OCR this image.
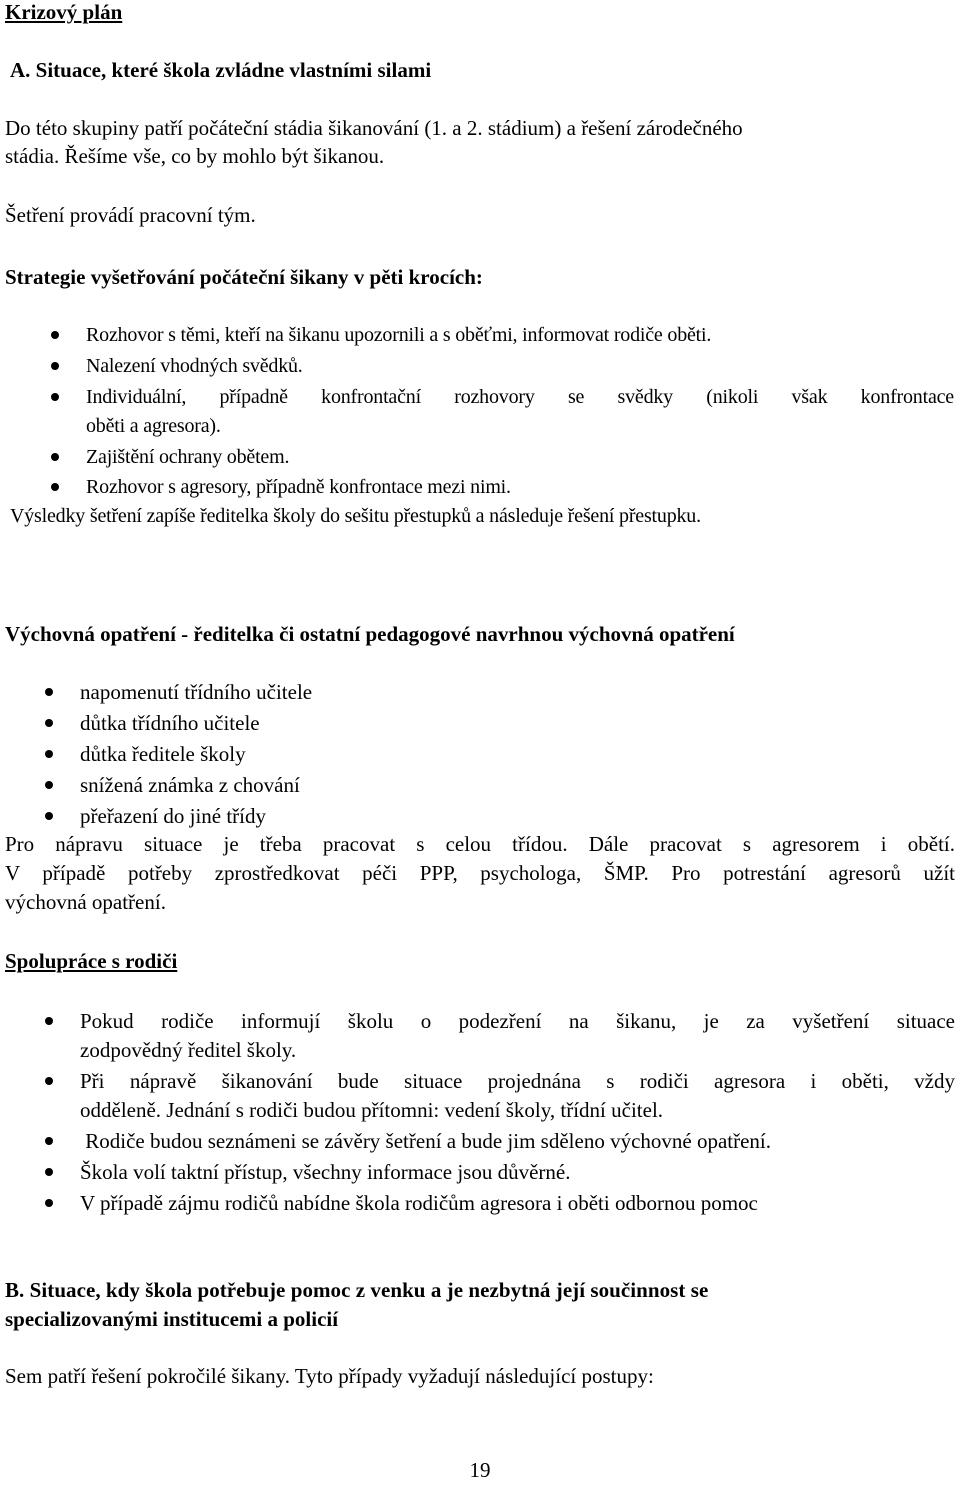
Krizový plán
A. Situace, které škola zvládne vlastními silami
Do této skupiny patří počáteční stádia šikanování (1. a 2. stádium) a řešení zárodečného
stádia. Řešíme vše, co by mohlo být šikanou.
Šetření provádí pracovní tým.
Strategie vyšetřování počáteční šikany v pěti krocích:
Rozhovor s těmi, kteří na šikanu upozornili a s oběťmi, informovat rodiče oběti.
Nalezení vhodných svědků.
Individuální, případně konfrontační rozhovory se svědky (nikoli však konfrontace
oběti a agresora).
Zajištění ochrany obětem.
Rozhovor s agresory, případně konfrontace mezi nimi.
Výsledky šetření zapíše ředitelka školy do sešitu přestupků a následuje řešení přestupku.
Výchovná opatření - ředitelka či ostatní pedagogové navrhnou výchovná opatření
napomenutí třídního učitele
důtka třídního učitele
důtka ředitele školy
snížená známka z chování
přeřazení do jiné třídy
Pro nápravu situace je třeba pracovat s celou třídou. Dále pracovat s agresorem i obětí.
V případě potřeby zprostředkovat péči PPP, psychologa, ŠMP. Pro potrestání agresorů užít
výchovná opatření.
Spolupráce s rodiči
Pokud rodiče informují školu o podezření na šikanu, je za vyšetření situace
zodpovědný ředitel školy.
Při nápravě šikanování bude situace projednána s rodiči agresora i oběti, vždy
odděleně. Jednání s rodiči budou přítomni: vedení školy, třídní učitel.
Rodiče budou seznámeni se závěry šetření a bude jim sděleno výchovné opatření.
Škola volí taktní přístup, všechny informace jsou důvěrné.
V případě zájmu rodičů nabídne škola rodičům agresora i oběti odbornou pomoc
B. Situace, kdy škola potřebuje pomoc z venku a je nezbytná její součinnost se
specializovanými institucemi a policií
Sem patří řešení pokročilé šikany. Tyto případy vyžadují následující postupy:
19
